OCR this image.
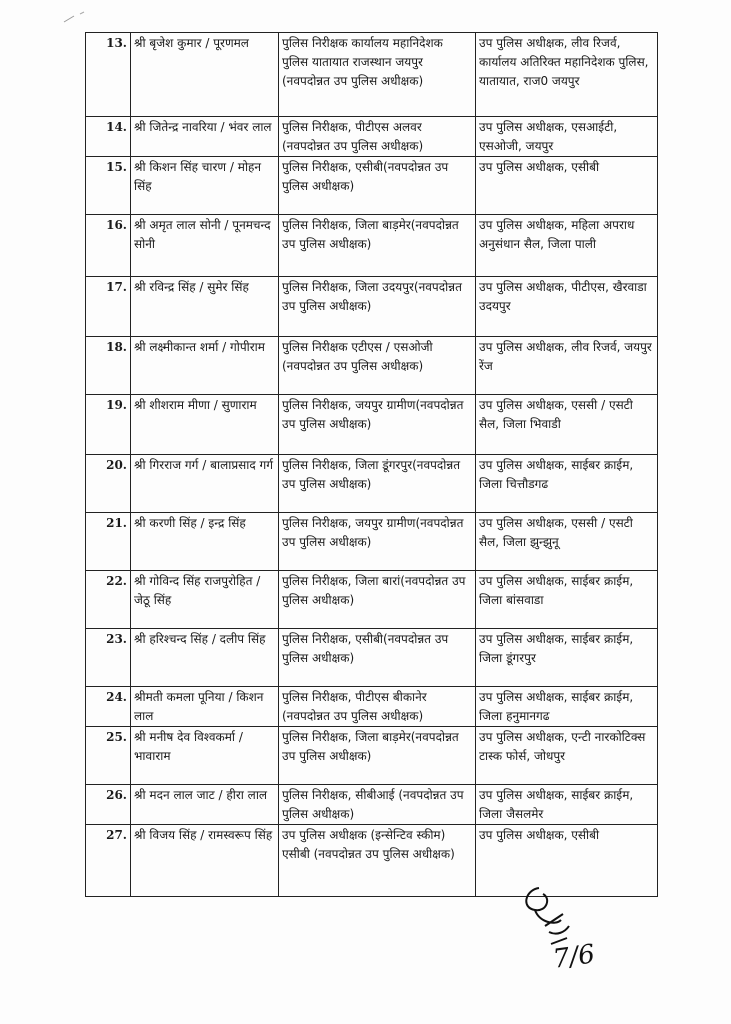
13.	श्री बृजेश कुमार / पूरणमल	पुलिस निरीक्षक कार्यालय महानिदेशक पुलिस यातायात राजस्थान जयपुर (नवपदोन्नत उप पुलिस अधीक्षक)	उप पुलिस अधीक्षक, लीव रिजर्व, कार्यालय अतिरिक्त महानिदेशक पुलिस, यातायात, राज0 जयपुर
14.	श्री जितेन्द्र नावरिया / भंवर लाल	पुलिस निरीक्षक, पीटीएस अलवर (नवपदोन्नत उप पुलिस अधीक्षक)	उप पुलिस अधीक्षक, एसआईटी, एसओजी, जयपुर
15.	श्री किशन सिंह चारण / मोहन सिंह	पुलिस निरीक्षक, एसीबी(नवपदोन्नत उप पुलिस अधीक्षक)	उप पुलिस अधीक्षक, एसीबी
16.	श्री अमृत लाल सोनी / पूनमचन्द सोनी	पुलिस निरीक्षक, जिला बाड़मेर(नवपदोन्नत उप पुलिस अधीक्षक)	उप पुलिस अधीक्षक, महिला अपराध अनुसंधान सैल, जिला पाली
17.	श्री रविन्द्र सिंह / सुमेर सिंह	पुलिस निरीक्षक, जिला उदयपुर(नवपदोन्नत उप पुलिस अधीक्षक)	उप पुलिस अधीक्षक, पीटीएस, खैरवाडा उदयपुर
18.	श्री लक्ष्मीकान्त शर्मा / गोपीराम	पुलिस निरीक्षक एटीएस / एसओजी (नवपदोन्नत उप पुलिस अधीक्षक)	उप पुलिस अधीक्षक, लीव रिजर्व, जयपुर रेंज
19.	श्री शीशराम मीणा / सुणाराम	पुलिस निरीक्षक, जयपुर ग्रामीण(नवपदोन्नत उप पुलिस अधीक्षक)	उप पुलिस अधीक्षक, एससी / एसटी सैल, जिला भिवाडी
20.	श्री गिरराज गर्ग / बालाप्रसाद गर्ग	पुलिस निरीक्षक, जिला डूंगरपुर(नवपदोन्नत उप पुलिस अधीक्षक)	उप पुलिस अधीक्षक, साईबर क्राईम, जिला चित्तौडगढ
21.	श्री करणी सिंह / इन्द्र सिंह	पुलिस निरीक्षक, जयपुर ग्रामीण(नवपदोन्नत उप पुलिस अधीक्षक)	उप पुलिस अधीक्षक, एससी / एसटी सैल, जिला झुन्झुनू
22.	श्री गोविन्द सिंह राजपुरोहित / जेठू सिंह	पुलिस निरीक्षक, जिला बारां(नवपदोन्नत उप पुलिस अधीक्षक)	उप पुलिस अधीक्षक, साईबर क्राईम, जिला बांसवाडा
23.	श्री हरिश्चन्द सिंह / दलीप सिंह	पुलिस निरीक्षक, एसीबी(नवपदोन्नत उप पुलिस अधीक्षक)	उप पुलिस अधीक्षक, साईबर क्राईम, जिला डूंगरपुर
24.	श्रीमती कमला पूनिया / किशन लाल	पुलिस निरीक्षक, पीटीएस बीकानेर (नवपदोन्नत उप पुलिस अधीक्षक)	उप पुलिस अधीक्षक, साईबर क्राईम, जिला हनुमानगढ
25.	श्री मनीष देव विश्वकर्मा / भावाराम	पुलिस निरीक्षक, जिला बाड़मेर(नवपदोन्नत उप पुलिस अधीक्षक)	उप पुलिस अधीक्षक, एन्टी नारकोटिक्स टास्क फोर्स, जोधपुर
26.	श्री मदन लाल जाट / हीरा लाल	पुलिस निरीक्षक, सीबीआई (नवपदोन्नत उप पुलिस अधीक्षक)	उप पुलिस अधीक्षक, साईबर क्राईम, जिला जैसलमेर
27.	श्री विजय सिंह / रामस्वरूप सिंह	उप पुलिस अधीक्षक (इन्सेन्टिव स्कीम) एसीबी (नवपदोन्नत उप पुलिस अधीक्षक)	उप पुलिस अधीक्षक, एसीबी
7/6
